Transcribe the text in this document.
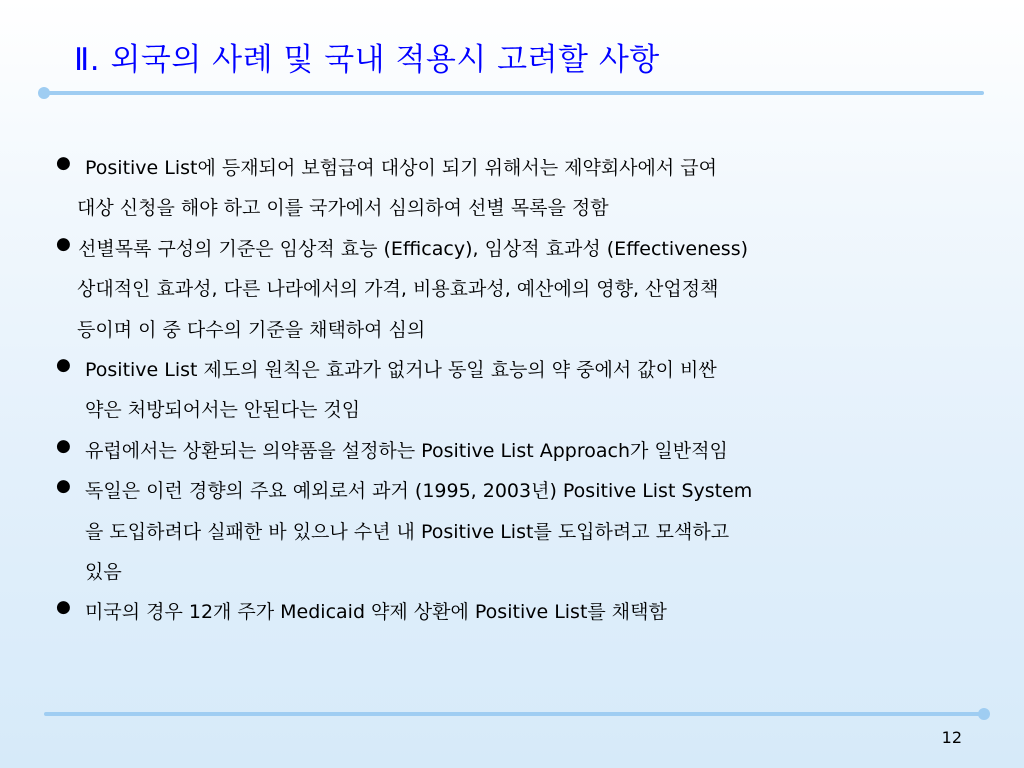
Ⅱ. 외국의 사례 및 국내 적용시 고려할 사항
● Positive List에 등재되어 보험급여 대상이 되기 위해서는 제약회사에서 급여
대상 신청을 해야 하고 이를 국가에서 심의하여 선별 목록을 정함
● 선별목록 구성의 기준은 임상적 효능 (Efficacy), 임상적 효과성 (Effectiveness)
상대적인 효과성, 다른 나라에서의 가격, 비용효과성, 예산에의 영향, 산업정책
등이며 이 중 다수의 기준을 채택하여 심의
● Positive List 제도의 원칙은 효과가 없거나 동일 효능의 약 중에서 값이 비싼
약은 처방되어서는 안된다는 것임
● 유럽에서는 상환되는 의약품을 설정하는 Positive List Approach가 일반적임
● 독일은 이런 경향의 주요 예외로서 과거 (1995, 2003년) Positive List System
을 도입하려다 실패한 바 있으나 수년 내 Positive List를 도입하려고 모색하고
있음
● 미국의 경우 12개 주가 Medicaid 약제 상환에 Positive List를 채택함
12
